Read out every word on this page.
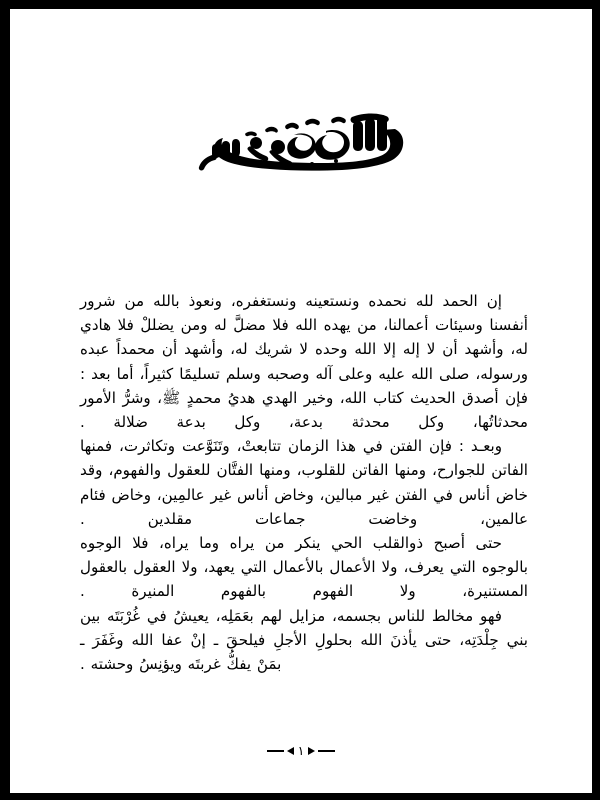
إن الحمد لله نحمده ونستعينه ونستغفره، ونعوذ بالله من شرور أنفسنا وسيئات أعمالنا، من يهده الله فلا مضلَّ له ومن يضللْ فلا هادي له، وأشهد أن لا إله إلا الله وحده لا شريك له، وأشهد أن محمداً عبده ورسوله، صلى الله عليه وعلى آله وصحبه وسلم تسليمًا كثيراً، أما بعد : فإن أصدق الحديث كتاب الله، وخير الهدي هديُ محمدٍ ﷺ، وشرُّ الأمور محدثاتُها، وكل محدثة بدعة، وكل بدعة ضلالة .

وبعـد : فإن الفتن في هذا الزمان تتابعتْ، وتَنَوَّعت وتكاثرت، فمنها الفاتن للجوارح، ومنها الفاتن للقلوب، ومنها الفتَّان للعقول والفهوم، وقد خاض أناس في الفتن غير مبالين، وخاض أناس غير عالمِين، وخاض فئام عالمين، وخاضت جماعات مقلدين .

حتى أصبح ذوالقلب الحي ينكر من يراه وما يراه، فلا الوجوه بالوجوه التي يعرف، ولا الأعمال بالأعمال التي يعهد، ولا العقول بالعقول المستنيرة، ولا الفهوم بالفهوم المنيرة .

فهو مخالط للناس بجسمه، مزايل لهم بعَمَلِه، يعيشُ في غُرْبَتَه بين بني جِلْدَتِه، حتى يأذنَ الله بحلولِ الأجلِ فيلحقَ ـ إنْ عفا الله وغَفَرَ ـ بمَنْ يفكُّ غربتَه ويؤنِسُ وحشته .

١
